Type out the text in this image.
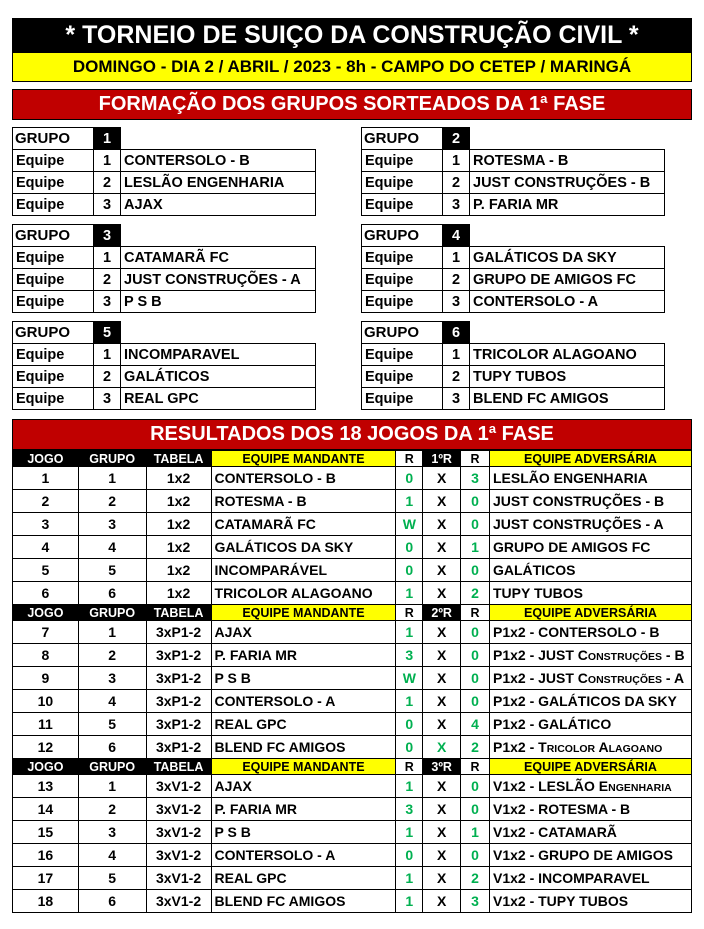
* TORNEIO DE SUIÇO DA CONSTRUÇÃO CIVIL *
DOMINGO - DIA 2 / ABRIL / 2023 - 8h - CAMPO DO CETEP / MARINGÁ
FORMAÇÃO DOS GRUPOS SORTEADOS DA 1ª FASE
GRUPO	1	
Equipe	1	CONTERSOLO - B
Equipe	2	LESLÃO ENGENHARIA
Equipe	3	AJAX
GRUPO	2	
Equipe	1	ROTESMA - B
Equipe	2	JUST CONSTRUÇÕES - B
Equipe	3	P. FARIA MR
GRUPO	3	
Equipe	1	CATAMARÃ FC
Equipe	2	JUST CONSTRUÇÕES - A
Equipe	3	P S B
GRUPO	4	
Equipe	1	GALÁTICOS DA SKY
Equipe	2	GRUPO DE AMIGOS FC
Equipe	3	CONTERSOLO - A
GRUPO	5	
Equipe	1	INCOMPARAVEL
Equipe	2	GALÁTICOS
Equipe	3	REAL GPC
GRUPO	6	
Equipe	1	TRICOLOR ALAGOANO
Equipe	2	TUPY TUBOS
Equipe	3	BLEND FC AMIGOS
RESULTADOS DOS 18 JOGOS DA 1ª FASE
JOGO	GRUPO	TABELA	EQUIPE MANDANTE	R	1ºR	R	EQUIPE ADVERSÁRIA
1	1	1x2	CONTERSOLO - B	0	X	3	LESLÃO ENGENHARIA
2	2	1x2	ROTESMA - B	1	X	0	JUST CONSTRUÇÕES - B
3	3	1x2	CATAMARÃ FC	W	X	0	JUST CONSTRUÇÕES - A
4	4	1x2	GALÁTICOS DA SKY	0	X	1	GRUPO DE AMIGOS FC
5	5	1x2	INCOMPARÁVEL	0	X	0	GALÁTICOS
6	6	1x2	TRICOLOR ALAGOANO	1	X	2	TUPY TUBOS
JOGO	GRUPO	TABELA	EQUIPE MANDANTE	R	2ºR	R	EQUIPE ADVERSÁRIA
7	1	3xP1-2	AJAX	1	X	0	P1x2 - CONTERSOLO - B
8	2	3xP1-2	P. FARIA MR	3	X	0	P1x2 - JUST CONSTRUÇÕES - B
9	3	3xP1-2	P S B	W	X	0	P1x2 - JUST CONSTRUÇÕES - A
10	4	3xP1-2	CONTERSOLO - A	1	X	0	P1x2 - GALÁTICOS DA SKY
11	5	3xP1-2	REAL GPC	0	X	4	P1x2 - GALÁTICO
12	6	3xP1-2	BLEND FC AMIGOS	0	X	2	P1x2 - TRICOLOR ALAGOANO
JOGO	GRUPO	TABELA	EQUIPE MANDANTE	R	3ºR	R	EQUIPE ADVERSÁRIA
13	1	3xV1-2	AJAX	1	X	0	V1x2 - LESLÃO ENGENHARIA
14	2	3xV1-2	P. FARIA MR	3	X	0	V1x2 - ROTESMA - B
15	3	3xV1-2	P S B	1	X	1	V1x2 - CATAMARÃ
16	4	3xV1-2	CONTERSOLO - A	0	X	0	V1x2 - GRUPO DE AMIGOS
17	5	3xV1-2	REAL GPC	1	X	2	V1x2 - INCOMPARAVEL
18	6	3xV1-2	BLEND FC AMIGOS	1	X	3	V1x2 - TUPY TUBOS
